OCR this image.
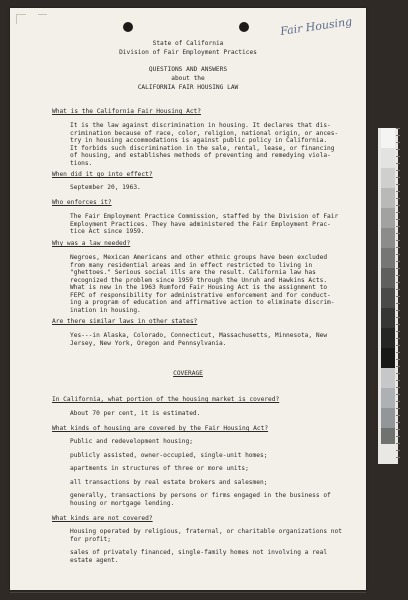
Fair Housing
State of California
Division of Fair Employment Practices
QUESTIONS AND ANSWERS
about the
CALIFORNIA FAIR HOUSING LAW
What is the California Fair Housing Act?
It is the law against discrimination in housing. It declares that dis-
crimination because of race, color, religion, national origin, or ances-
try in housing accommodations is against public policy in California.
It forbids such discrimination in the sale, rental, lease, or financing
of housing, and establishes methods of preventing and remedying viola-
tions.
When did it go into effect?
September 20, 1963.
Who enforces it?
The Fair Employment Practice Commission, staffed by the Division of Fair
Employment Practices. They have administered the Fair Employment Prac-
tice Act since 1959.
Why was a law needed?
Negroes, Mexican Americans and other ethnic groups have been excluded
from many residential areas and in effect restricted to living in
"ghettoes." Serious social ills are the result. California law has
recognized the problem since 1959 through the Unruh and Hawkins Acts.
What is new in the 1963 Rumford Fair Housing Act is the assignment to
FEPC of responsibility for administrative enforcement and for conduct-
ing a program of education and affirmative action to eliminate discrim-
ination in housing.
Are there similar laws in other states?
Yes---in Alaska, Colorado, Connecticut, Massachusetts, Minnesota, New
Jersey, New York, Oregon and Pennsylvania.
COVERAGE
In California, what portion of the housing market is covered?
About 70 per cent, it is estimated.
What kinds of housing are covered by the Fair Housing Act?
Public and redevelopment housing;
publicly assisted, owner-occupied, single-unit homes;
apartments in structures of three or more units;
all transactions by real estate brokers and salesmen;
generally, transactions by persons or firms engaged in the business of
housing or mortgage lending.
What kinds are not covered?
Housing operated by religious, fraternal, or charitable organizations not
for profit;
sales of privately financed, single-family homes not involving a real
estate agent.
